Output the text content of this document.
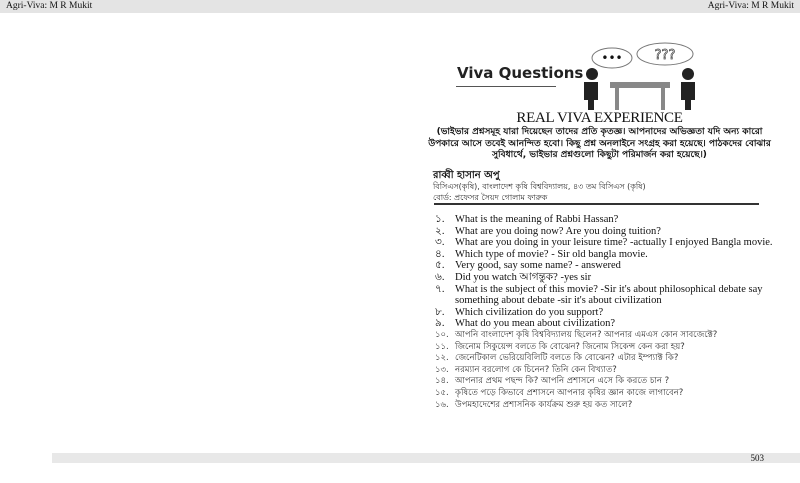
Agri-Viva: M R Mukit	Agri-Viva: M R Mukit
Viva Questions
••• ???
REAL VIVA EXPERIENCE
(ভাইভার প্রশ্নসমূহ যারা দিয়েছেন তাদের প্রতি কৃতজ্ঞ। আপনাদের অভিজ্ঞতা যদি অন্য কারো উপকারে আসে তবেই আনন্দিত হবো। কিছু প্রশ্ন অনলাইনে সংগ্রহ করা হয়েছে। পাঠকদের বোঝার সুবিধার্থে, ভাইভার প্রশ্নগুলো কিছুটা পরিমার্জন করা হয়েছে।)
রাব্বী হাসান অপু
বিসিএস(কৃষি), বাংলাদেশ কৃষি বিশ্ববিদ্যালয়, ৪৩ তম বিসিএস (কৃষি)
বোর্ড: প্রফেসর সৈয়দ গোলাম ফারুক
১.	What is the meaning of Rabbi Hassan?
২.	What are you doing now? Are you doing tuition?
৩.	What are you doing in your leisure time? -actually I enjoyed Bangla movie.
৪.	Which type of movie? - Sir old bangla movie.
৫.	Very good, say some name? - answered
৬.	Did you watch আগন্তুক? -yes sir
৭.	What is the subject of this movie? -Sir it's about philosophical debate say something about debate -sir it's about civilization
৮.	Which civilization do you support?
৯.	What do you mean about civilization?
১০. আপনি বাংলাদেশ কৃষি বিশ্ববিদ্যালয় ছিলেন? আপনার এমএস কোন সাবজেক্টে?
১১. জিনোম সিকুয়েন্স বলতে কি বোঝেন? জিনোম সিকেন্স কেন করা হয়?
১২. জেনেটিকাল ভেরিয়েবিলিটি বলতে কি বোঝেন? এটার ইম্প্যাক্ট কি?
১৩. নরম্যান বরলোগ কে চিনেন? তিনি কেন বিখ্যাত?
১৪. আপনার প্রথম পছন্দ কি? আপনি প্রশাসনে এসে কি করতে চান ?
১৫. কৃষিতে পড়ে কিভাবে প্রশাসনে আপনার কৃষির জ্ঞান কাজে লাগাবেন?
১৬. উপমহাদেশের প্রশাসনিক কার্যক্রম শুরু হয় কত সালে?
503
